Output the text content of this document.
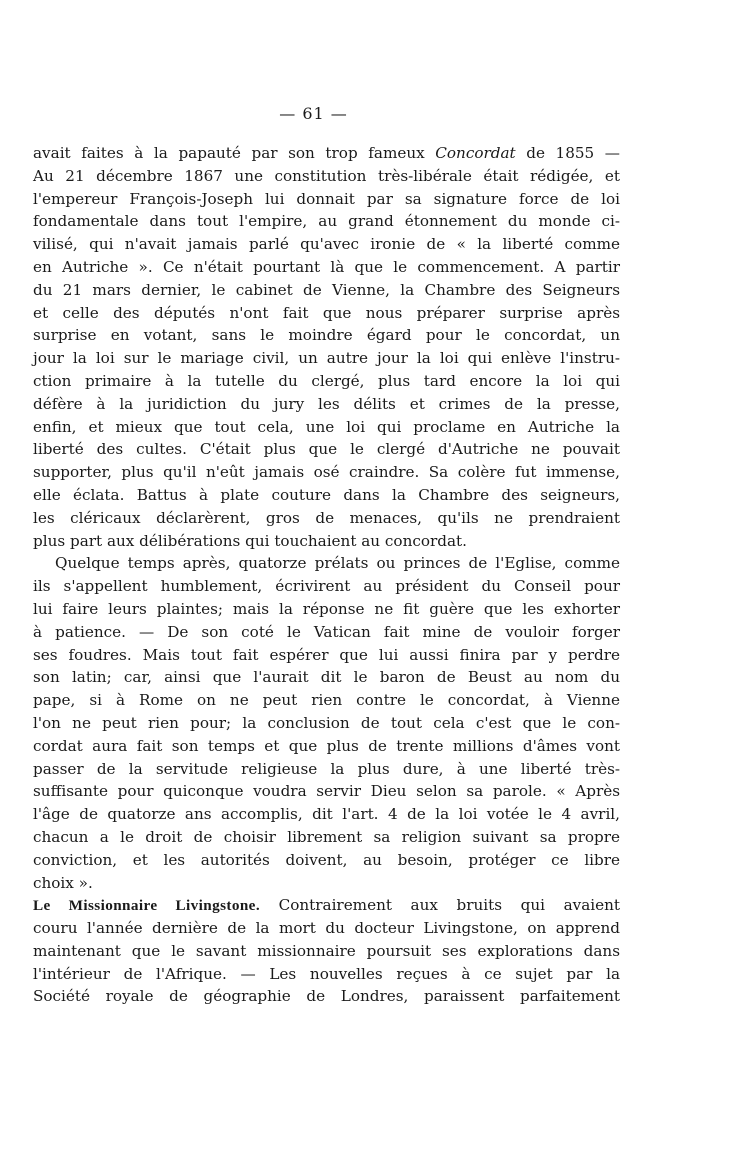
— 61 —
avait faites à la papauté par son trop fameux Concordat de 1855 —
Au 21 décembre 1867 une constitution très-libérale était rédigée, et
l'empereur François-Joseph lui donnait par sa signature force de loi
fondamentale dans tout l'empire, au grand étonnement du monde ci-
vilisé, qui n'avait jamais parlé qu'avec ironie de « la liberté comme
en Autriche ». Ce n'était pourtant là que le commencement. A partir
du 21 mars dernier, le cabinet de Vienne, la Chambre des Seigneurs
et celle des députés n'ont fait que nous préparer surprise après
surprise en votant, sans le moindre égard pour le concordat, un
jour la loi sur le mariage civil, un autre jour la loi qui enlève l'instru-
ction primaire à la tutelle du clergé, plus tard encore la loi qui
défère à la juridiction du jury les délits et crimes de la presse,
enfin, et mieux que tout cela, une loi qui proclame en Autriche la
liberté des cultes. C'était plus que le clergé d'Autriche ne pouvait
supporter, plus qu'il n'eût jamais osé craindre. Sa colère fut immense,
elle éclata. Battus à plate couture dans la Chambre des seigneurs,
les cléricaux déclarèrent, gros de menaces, qu'ils ne prendraient
plus part aux délibérations qui touchaient au concordat.
Quelque temps après, quatorze prélats ou princes de l'Eglise, comme
ils s'appellent humblement, écrivirent au président du Conseil pour
lui faire leurs plaintes; mais la réponse ne fit guère que les exhorter
à patience. — De son coté le Vatican fait mine de vouloir forger
ses foudres. Mais tout fait espérer que lui aussi finira par y perdre
son latin; car, ainsi que l'aurait dit le baron de Beust au nom du
pape, si à Rome on ne peut rien contre le concordat, à Vienne
l'on ne peut rien pour; la conclusion de tout cela c'est que le con-
cordat aura fait son temps et que plus de trente millions d'âmes vont
passer de la servitude religieuse la plus dure, à une liberté très-
suffisante pour quiconque voudra servir Dieu selon sa parole. « Après
l'âge de quatorze ans accomplis, dit l'art. 4 de la loi votée le 4 avril,
chacun a le droit de choisir librement sa religion suivant sa propre
conviction, et les autorités doivent, au besoin, protéger ce libre
choix ».
Le Missionnaire Livingstone. Contrairement aux bruits qui avaient
couru l'année dernière de la mort du docteur Livingstone, on apprend
maintenant que le savant missionnaire poursuit ses explorations dans
l'intérieur de l'Afrique. — Les nouvelles reçues à ce sujet par la
Société royale de géographie de Londres, paraissent parfaitement
